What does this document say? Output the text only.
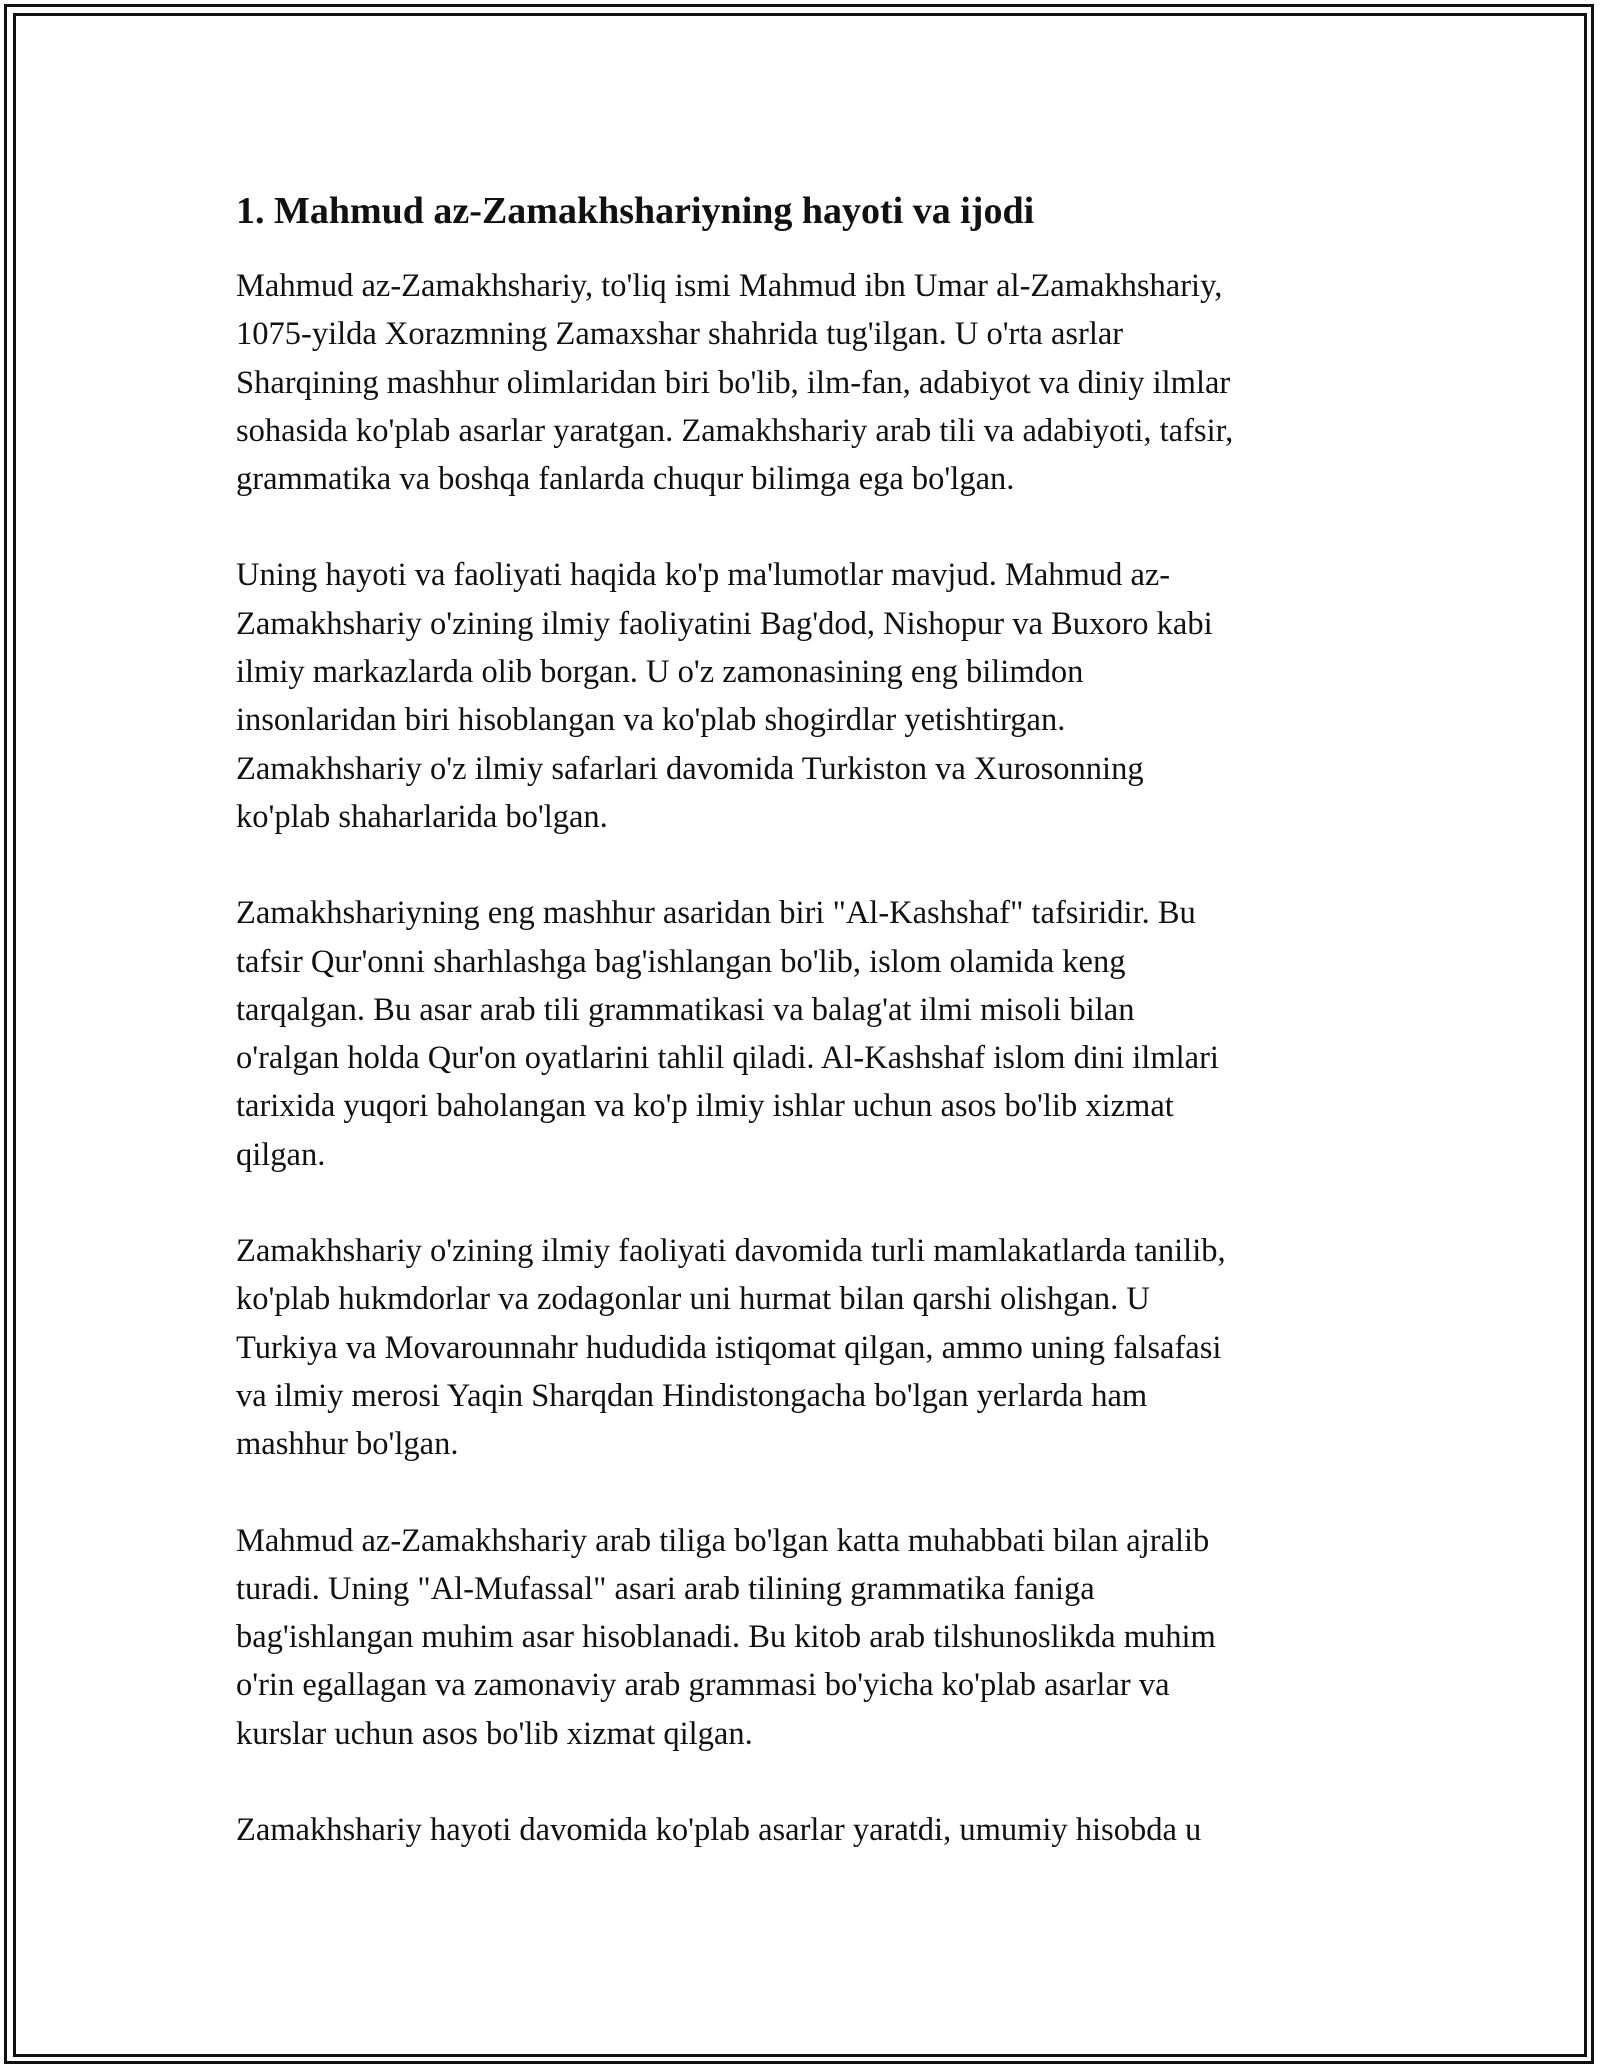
1. Mahmud az-Zamakhshariyning hayoti va ijodi

Mahmud az-Zamakhshariy, to'liq ismi Mahmud ibn Umar al-Zamakhshariy,
1075-yilda Xorazmning Zamaxshar shahrida tug'ilgan. U o'rta asrlar
Sharqining mashhur olimlaridan biri bo'lib, ilm-fan, adabiyot va diniy ilmlar
sohasida ko'plab asarlar yaratgan. Zamakhshariy arab tili va adabiyoti, tafsir,
grammatika va boshqa fanlarda chuqur bilimga ega bo'lgan.

Uning hayoti va faoliyati haqida ko'p ma'lumotlar mavjud. Mahmud az-
Zamakhshariy o'zining ilmiy faoliyatini Bag'dod, Nishopur va Buxoro kabi
ilmiy markazlarda olib borgan. U o'z zamonasining eng bilimdon
insonlaridan biri hisoblangan va ko'plab shogirdlar yetishtirgan.
Zamakhshariy o'z ilmiy safarlari davomida Turkiston va Xurosonning
ko'plab shaharlarida bo'lgan.

Zamakhshariyning eng mashhur asaridan biri "Al-Kashshaf" tafsiridir. Bu
tafsir Qur'onni sharhlashga bag'ishlangan bo'lib, islom olamida keng
tarqalgan. Bu asar arab tili grammatikasi va balag'at ilmi misoli bilan
o'ralgan holda Qur'on oyatlarini tahlil qiladi. Al-Kashshaf islom dini ilmlari
tarixida yuqori baholangan va ko'p ilmiy ishlar uchun asos bo'lib xizmat
qilgan.

Zamakhshariy o'zining ilmiy faoliyati davomida turli mamlakatlarda tanilib,
ko'plab hukmdorlar va zodagonlar uni hurmat bilan qarshi olishgan. U
Turkiya va Movarounnahr hududida istiqomat qilgan, ammo uning falsafasi
va ilmiy merosi Yaqin Sharqdan Hindistongacha bo'lgan yerlarda ham
mashhur bo'lgan.

Mahmud az-Zamakhshariy arab tiliga bo'lgan katta muhabbati bilan ajralib
turadi. Uning "Al-Mufassal" asari arab tilining grammatika faniga
bag'ishlangan muhim asar hisoblanadi. Bu kitob arab tilshunoslikda muhim
o'rin egallagan va zamonaviy arab grammasi bo'yicha ko'plab asarlar va
kurslar uchun asos bo'lib xizmat qilgan.

Zamakhshariy hayoti davomida ko'plab asarlar yaratdi, umumiy hisobda u
